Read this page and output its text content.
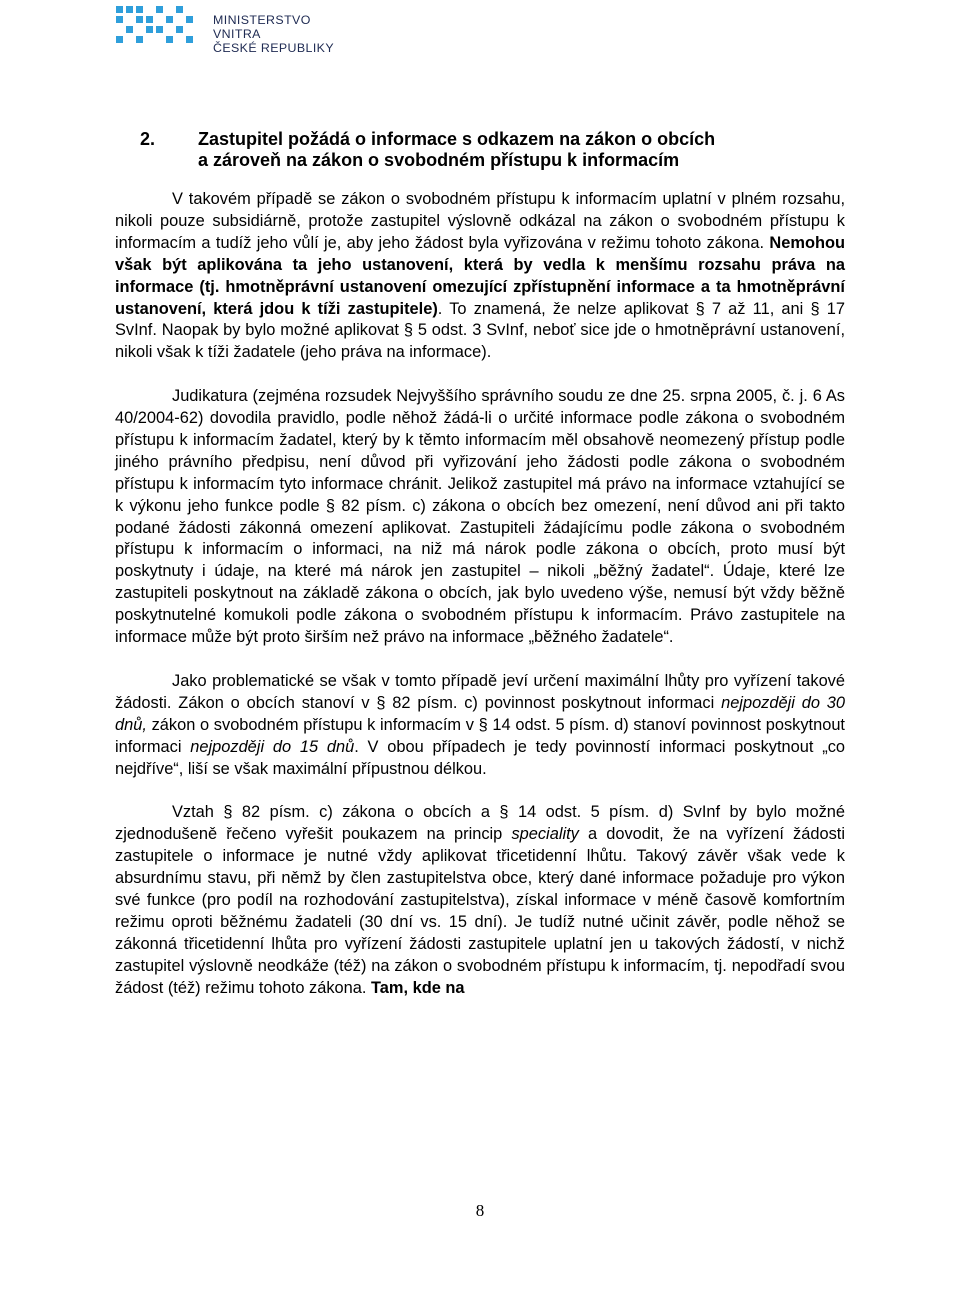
MINISTERSTVO VNITRA
ČESKÉ REPUBLIKY
2. Zastupitel požádá o informace s odkazem na zákon o obcích
a zároveň na zákon o svobodném přístupu k informacím

V takovém případě se zákon o svobodném přístupu k informacím uplatní v plném rozsahu, nikoli pouze subsidiárně, protože zastupitel výslovně odkázal na zákon o svobodném přístupu k informacím a tudíž jeho vůlí je, aby jeho žádost byla vyřizována v režimu tohoto zákona. Nemohou však být aplikována ta jeho ustanovení, která by vedla k menšímu rozsahu práva na informace (tj. hmotněprávní ustanovení omezující zpřístupnění informace a ta hmotněprávní ustanovení, která jdou k tíži zastupitele). To znamená, že nelze aplikovat § 7 až 11, ani § 17 SvInf. Naopak by bylo možné aplikovat § 5 odst. 3 SvInf, neboť sice jde o hmotněprávní ustanovení, nikoli však k tíži žadatele (jeho práva na informace).

Judikatura (zejména rozsudek Nejvyššího správního soudu ze dne 25. srpna 2005, č. j. 6 As 40/2004-62) dovodila pravidlo, podle něhož žádá-li o určité informace podle zákona o svobodném přístupu k informacím žadatel, který by k těmto informacím měl obsahově neomezený přístup podle jiného právního předpisu, není důvod při vyřizování jeho žádosti podle zákona o svobodném přístupu k informacím tyto informace chránit. Jelikož zastupitel má právo na informace vztahující se k výkonu jeho funkce podle § 82 písm. c) zákona o obcích bez omezení, není důvod ani při takto podané žádosti zákonná omezení aplikovat. Zastupiteli žádajícímu podle zákona o svobodném přístupu k informacím o informaci, na niž má nárok podle zákona o obcích, proto musí být poskytnuty i údaje, na které má nárok jen zastupitel – nikoli „běžný žadatel“. Údaje, které lze zastupiteli poskytnout na základě zákona o obcích, jak bylo uvedeno výše, nemusí být vždy běžně poskytnutelné komukoli podle zákona o svobodném přístupu k informacím. Právo zastupitele na informace může být proto širším než právo na informace „běžného žadatele“.

Jako problematické se však v tomto případě jeví určení maximální lhůty pro vyřízení takové žádosti. Zákon o obcích stanoví v § 82 písm. c) povinnost poskytnout informaci nejpozději do 30 dnů, zákon o svobodném přístupu k informacím v § 14 odst. 5 písm. d) stanoví povinnost poskytnout informaci nejpozději do 15 dnů. V obou případech je tedy povinností informaci poskytnout „co nejdříve“, liší se však maximální přípustnou délkou.

Vztah § 82 písm. c) zákona o obcích a § 14 odst. 5 písm. d) SvInf by bylo možné zjednodušeně řečeno vyřešit poukazem na princip speciality a dovodit, že na vyřízení žádosti zastupitele o informace je nutné vždy aplikovat třicetidenní lhůtu. Takový závěr však vede k absurdnímu stavu, při němž by člen zastupitelstva obce, který dané informace požaduje pro výkon své funkce (pro podíl na rozhodování zastupitelstva), získal informace v méně časově komfortním režimu oproti běžnému žadateli (30 dní vs. 15 dní). Je tudíž nutné učinit závěr, podle něhož se zákonná třicetidenní lhůta pro vyřízení žádosti zastupitele uplatní jen u takových žádostí, v nichž zastupitel výslovně neodkáže (též) na zákon o svobodném přístupu k informacím, tj. nepodřadí svou žádost (též) režimu tohoto zákona. Tam, kde na

8
